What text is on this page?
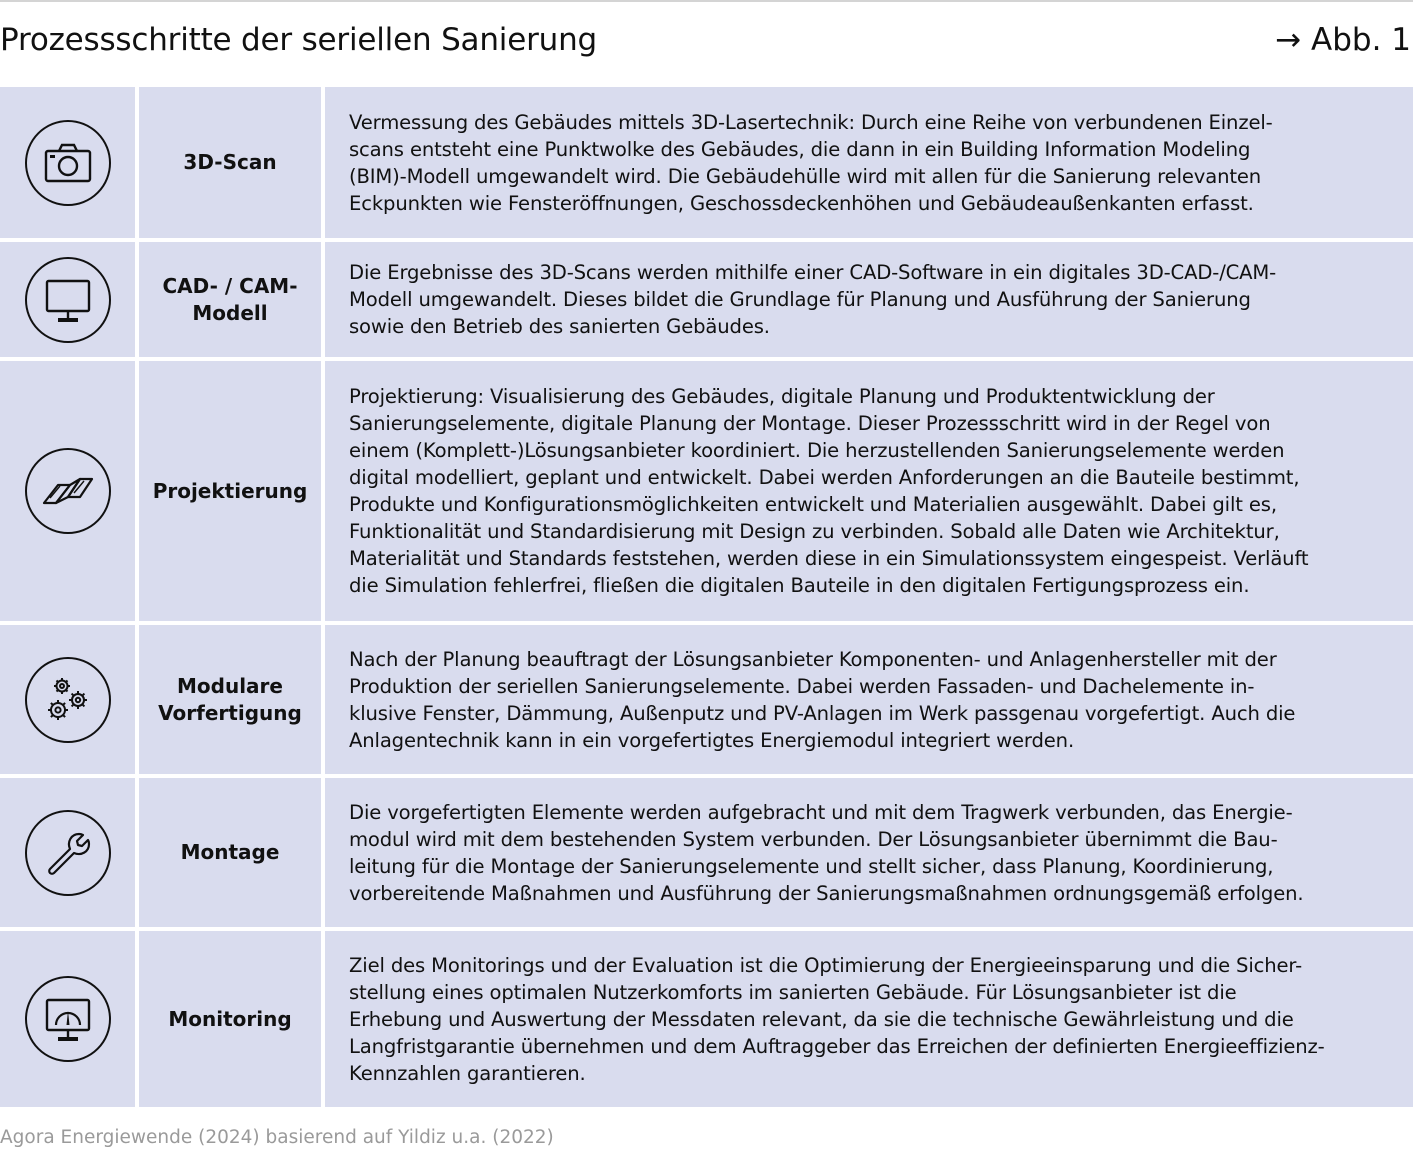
Prozessschritte der seriellen Sanierung	→ Abb. 1
3D-Scan
Vermessung des Gebäudes mittels 3D-Lasertechnik: Durch eine Reihe von verbundenen Einzel-
scans entsteht eine Punktwolke des Gebäudes, die dann in ein Building Information Modeling
(BIM)-Modell umgewandelt wird. Die Gebäudehülle wird mit allen für die Sanierung relevanten
Eckpunkten wie Fensteröffnungen, Geschossdeckenhöhen und Gebäudeaußenkanten erfasst.
CAD- / CAM-
Modell
Die Ergebnisse des 3D-Scans werden mithilfe einer CAD-Software in ein digitales 3D-CAD-/CAM-
Modell umgewandelt. Dieses bildet die Grundlage für Planung und Ausführung der Sanierung
sowie den Betrieb des sanierten Gebäudes.
Projektierung
Projektierung: Visualisierung des Gebäudes, digitale Planung und Produktentwicklung der
Sanierungselemente, digitale Planung der Montage. Dieser Prozessschritt wird in der Regel von
einem (Komplett-)Lösungsanbieter koordiniert. Die herzustellenden Sanierungselemente werden
digital modelliert, geplant und entwickelt. Dabei werden Anforderungen an die Bauteile bestimmt,
Produkte und Konfigurationsmöglichkeiten entwickelt und Materialien ausgewählt. Dabei gilt es,
Funktionalität und Standardisierung mit Design zu verbinden. Sobald alle Daten wie Architektur,
Materialität und Standards feststehen, werden diese in ein Simulationssystem eingespeist. Verläuft
die Simulation fehlerfrei, fließen die digitalen Bauteile in den digitalen Fertigungsprozess ein.
Modulare
Vorfertigung
Nach der Planung beauftragt der Lösungsanbieter Komponenten- und Anlagenhersteller mit der
Produktion der seriellen Sanierungselemente. Dabei werden Fassaden- und Dachelemente in-
klusive Fenster, Dämmung, Außenputz und PV-Anlagen im Werk passgenau vorgefertigt. Auch die
Anlagentechnik kann in ein vorgefertigtes Energiemodul integriert werden.
Montage
Die vorgefertigten Elemente werden aufgebracht und mit dem Tragwerk verbunden, das Energie-
modul wird mit dem bestehenden System verbunden. Der Lösungsanbieter übernimmt die Bau-
leitung für die Montage der Sanierungselemente und stellt sicher, dass Planung, Koordinierung,
vorbereitende Maßnahmen und Ausführung der Sanierungsmaßnahmen ordnungsgemäß erfolgen.
Monitoring
Ziel des Monitorings und der Evaluation ist die Optimierung der Energieeinsparung und die Sicher-
stellung eines optimalen Nutzerkomforts im sanierten Gebäude. Für Lösungsanbieter ist die
Erhebung und Auswertung der Messdaten relevant, da sie die technische Gewährleistung und die
Langfristgarantie übernehmen und dem Auftraggeber das Erreichen der definierten Energieeffizienz-
Kennzahlen garantieren.
Agora Energiewende (2024) basierend auf Yildiz u.a. (2022)
